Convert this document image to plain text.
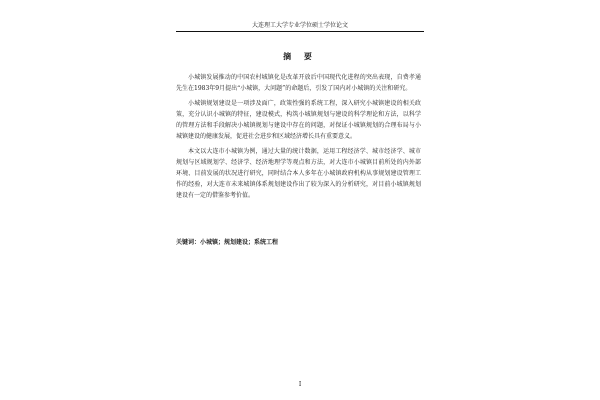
大连理工大学专业学位硕士学位论文
摘 要

小城镇发展推动的中国农村城镇化是改革开放后中国现代化进程的突出表现，自费孝通先生在1983年9月提出“小城镇，大问题”的命题后，引发了国内对小城镇的关注和研究。

小城镇规划建设是一项涉及面广，政策性强的系统工程，深入研究小城镇建设的相关政策，充分认识小城镇的特征，建设模式，构筑小城镇规划与建设的科学理论和方法，以科学的管理方法和手段解决小城镇规划与建设中存在的问题，对保证小城镇规划的合理布局与小城镇建设的健康发展，促进社会进步和区域经济增长具有重要意义。

本文以大连市小城镇为例，通过大量的统计数据，运用工程经济学、城市经济学、城市规划与区域规划学、经济学、经济地理学等观点和方法，对大连市小城镇目前所处的内外部环境、目前发展的状况进行研究，同时结合本人多年在小城镇政府机构从事规划建设管理工作的经验，对大连市未来城镇体系规划建设作出了较为深入的分析研究，对目前小城镇规划建设有一定的借鉴参考价值。

关键词：小城镇；规划建设；系统工程
I
